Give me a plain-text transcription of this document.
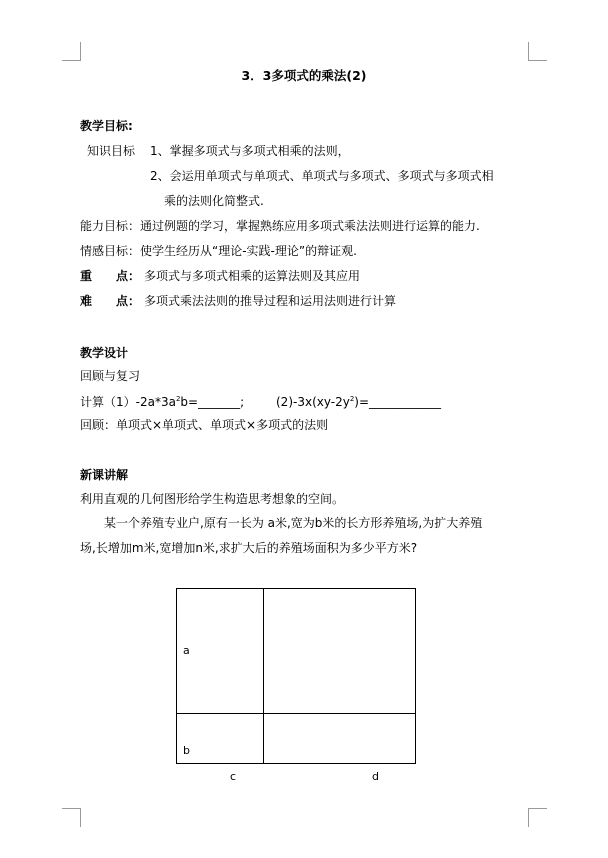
3．3多项式的乘法(2)
教学目标:
知识目标 1、掌握多项式与多项式相乘的法则，
2、会运用单项式与单项式、单项式与多项式、多项式与多项式相
乘的法则化简整式.
能力目标：通过例题的学习，掌握熟练应用多项式乘法法则进行运算的能力.
情感目标：使学生经历从“理论-实践-理论”的辩证观.
重　　点： 多项式与多项式相乘的运算法则及其应用
难　　点： 多项式乘法法则的推导过程和运用法则进行计算
教学设计
回顾与复习
计算$(1)-2a*3a^2b=\_\_\_\_\_\_\_$;	$(2)-3x(xy-2y^2)=\_\_\_\_\_\_\_\_\_\_\_\_$
回顾：单项式×单项式、单项式×多项式的法则
新课讲解
利用直观的几何图形给学生构造思考想象的空间。
某一个养殖专业户,原有一长为 a米,宽为b米的长方形养殖场,为扩大养殖
场,长增加m米,宽增加n米,求扩大后的养殖场面积为多少平方米?
a
b
c	d
